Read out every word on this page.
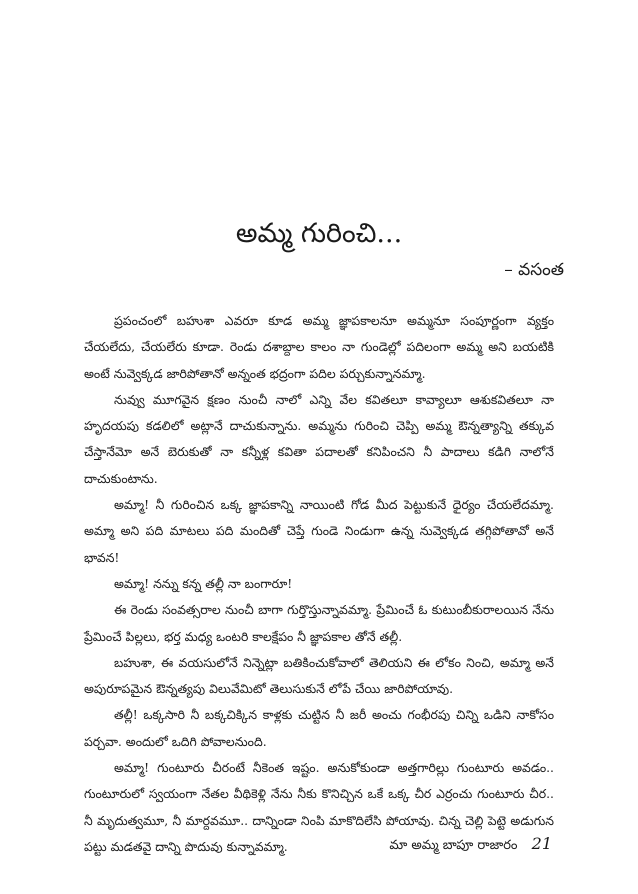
అమ్మ గురించి...
– వసంత

ప్రపంచంలో బహుశా ఎవరూ కూడ అమ్మ జ్ఞాపకాలనూ అమ్మనూ సంపూర్ణంగా వ్యక్తం చేయలేదు, చేయలేరు కూడా. రెండు దశాబ్దాల కాలం నా గుండెల్లో పదిలంగా అమ్మ అని బయటికి అంటే నువ్వెక్కడ జారిపోతానో అన్నంత భద్రంగా పదిల పర్చుకున్నానమ్మా.

నువ్వు మూగవైన క్షణం నుంచీ నాలో ఎన్ని వేల కవితలూ కావ్యాలూ ఆశుకవితలూ నా హృదయపు కడలిలో అట్లానే దాచుకున్నాను. అమ్మను గురించి చెప్పి అమ్మ ఔన్నత్యాన్ని తక్కువ చేస్తానేమో అనే బెరుకుతో నా కన్నీళ్ల కవితా పదాలతో కనిపించని నీ పాదాలు కడిగి నాలోనే దాచుకుంటాను.

అమ్మా! నీ గురించిన ఒక్క జ్ఞాపకాన్ని నాయింటి గోడ మీద పెట్టుకునే ధైర్యం చేయలేదమ్మా. అమ్మా అని పది మాటలు పది మందితో చెప్తే గుండె నిండుగా ఉన్న నువ్వెక్కడ తగ్గిపోతావో అనే భావన!

అమ్మా! నన్ను కన్న తల్లీ నా బంగారూ!

ఈ రెండు సంవత్సరాల నుంచీ బాగా గుర్తొస్తున్నావమ్మా. ప్రేమించే ఓ కుటుంబీకురాలయిన నేను ప్రేమించే పిల్లలు, భర్త మధ్య ఒంటరి కాలక్షేపం నీ జ్ఞాపకాల తోనే తల్లీ.

బహుశా, ఈ వయసులోనే నిన్నెట్లా బతికించుకోవాలో తెలియని ఈ లోకం నించి, అమ్మా అనే అపురూపమైన ఔన్నత్యపు విలువేమిటో తెలుసుకునే లోపే చేయి జారిపోయావు.

తల్లీ! ఒక్కసారి నీ బక్కచిక్కిన కాళ్లకు చుట్టిన నీ జరీ అంచు గంభీరపు చిన్ని ఒడిని నాకోసం పర్చవా. అందులో ఒదిగి పోవాలనుంది.

అమ్మా! గుంటూరు చీరంటే నీకెంత ఇష్టం. అనుకోకుండా అత్తగారిల్లు గుంటూరు అవడం.. గుంటూరులో స్వయంగా నేతల వీథికెళ్లి నేను నీకు కొనిచ్చిన ఒకే ఒక్క చీర ఎర్రంచు గుంటూరు చీర.. నీ మృదుత్వమూ, నీ మార్దవమూ.. దాన్నిండా నింపి మాకొదిలేసి పోయావు. చిన్న చెల్లి పెట్టె అడుగున పట్టు మడతవై దాన్ని పొదువు కున్నావమ్మా.	మా అమ్మ బాపూ రాజారం 21
